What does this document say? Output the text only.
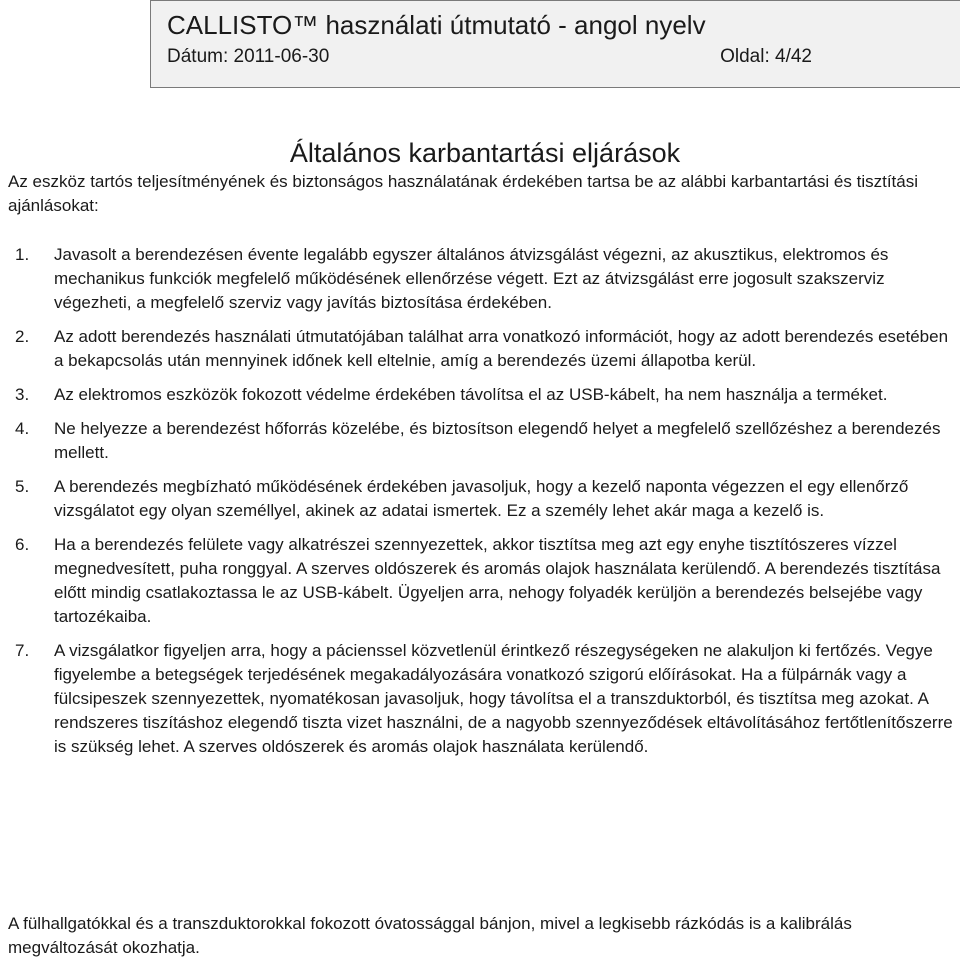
CALLISTO™ használati útmutató - angol nyelv
Dátum: 2011-06-30	Oldal: 4/42
Általános karbantartási eljárások

Az eszköz tartós teljesítményének és biztonságos használatának érdekében tartsa be az alábbi karbantartási és tisztítási ajánlásokat:

1. Javasolt a berendezésen évente legalább egyszer általános átvizsgálást végezni, az akusztikus, elektromos és mechanikus funkciók megfelelő működésének ellenőrzése végett. Ezt az átvizsgálást erre jogosult szakszerviz végezheti, a megfelelő szerviz vagy javítás biztosítása érdekében.
2. Az adott berendezés használati útmutatójában találhat arra vonatkozó információt, hogy az adott berendezés esetében a bekapcsolás után mennyinek időnek kell eltelnie, amíg a berendezés üzemi állapotba kerül.
3. Az elektromos eszközök fokozott védelme érdekében távolítsa el az USB-kábelt, ha nem használja a terméket.
4. Ne helyezze a berendezést hőforrás közelébe, és biztosítson elegendő helyet a megfelelő szellőzéshez a berendezés mellett.
5. A berendezés megbízható működésének érdekében javasoljuk, hogy a kezelő naponta végezzen el egy ellenőrző vizsgálatot egy olyan személlyel, akinek az adatai ismertek. Ez a személy lehet akár maga a kezelő is.
6. Ha a berendezés felülete vagy alkatrészei szennyezettek, akkor tisztítsa meg azt egy enyhe tisztítószeres vízzel megnedvesített, puha ronggyal. A szerves oldószerek és aromás olajok használata kerülendő. A berendezés tisztítása előtt mindig csatlakoztassa le az USB-kábelt. Ügyeljen arra, nehogy folyadék kerüljön a berendezés belsejébe vagy tartozékaiba.
7. A vizsgálatkor figyeljen arra, hogy a pácienssel közvetlenül érintkező részegységeken ne alakuljon ki fertőzés. Vegye figyelembe a betegségek terjedésének megakadályozására vonatkozó szigorú előírásokat. Ha a fülpárnák vagy a fülcsipeszek szennyezettek, nyomatékosan javasoljuk, hogy távolítsa el a transzduktorból, és tisztítsa meg azokat. A rendszeres tiszításhoz elegendő tiszta vizet használni, de a nagyobb szennyeződések eltávolításához fertőtlenítőszerre is szükség lehet. A szerves oldószerek és aromás olajok használata kerülendő.

A fülhallgatókkal és a transzduktorokkal fokozott óvatossággal bánjon, mivel a legkisebb rázkódás is a kalibrálás megváltozását okozhatja.
